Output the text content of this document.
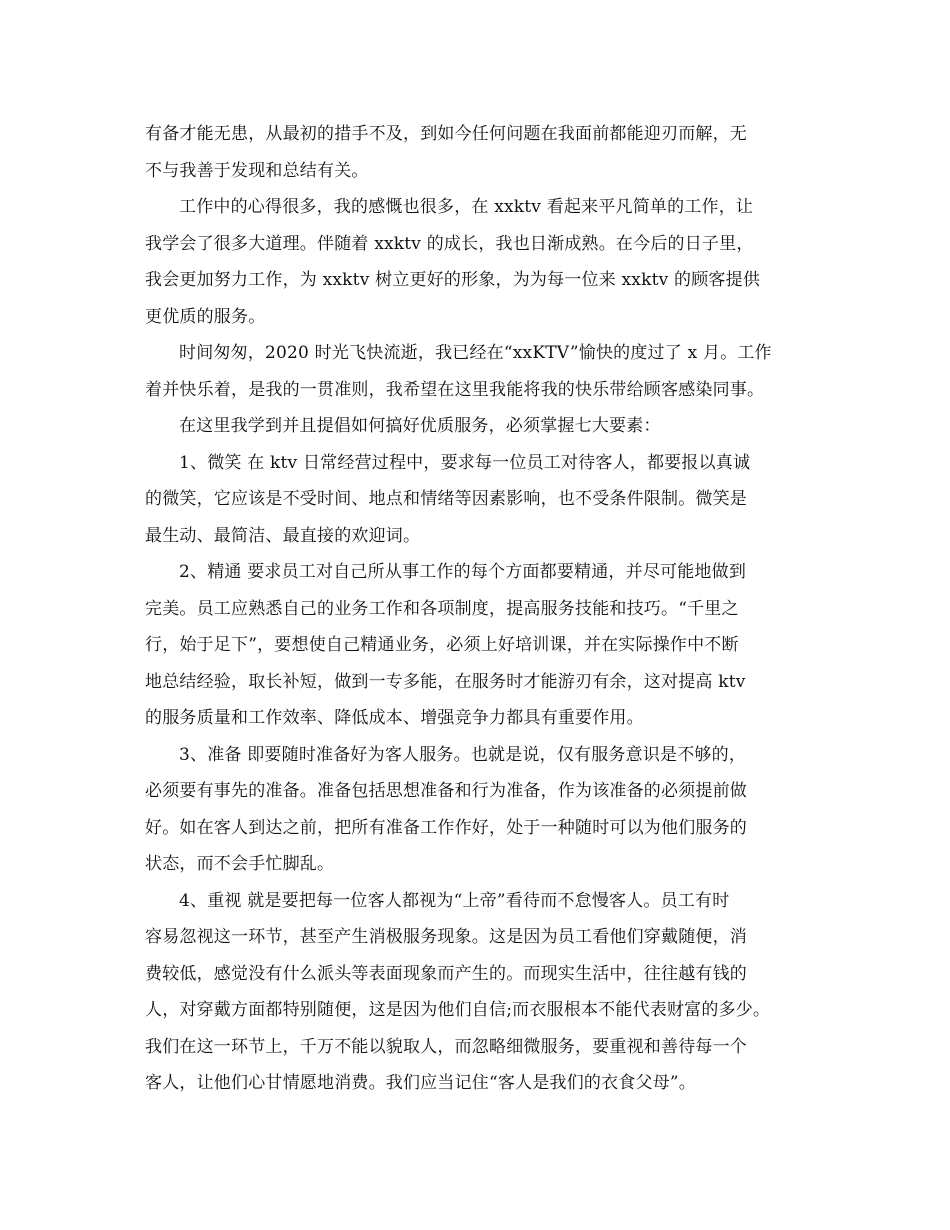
有备才能无患，从最初的措手不及，到如今任何问题在我面前都能迎刃而解，无
不与我善于发现和总结有关。
工作中的心得很多，我的感慨也很多，在 xxktv 看起来平凡简单的工作，让
我学会了很多大道理。伴随着 xxktv 的成长，我也日渐成熟。在今后的日子里，
我会更加努力工作，为 xxktv 树立更好的形象，为为每一位来 xxktv 的顾客提供
更优质的服务。
时间匆匆，2020 时光飞快流逝，我已经在“xxKTV”愉快的度过了 x 月。工作
着并快乐着，是我的一贯准则，我希望在这里我能将我的快乐带给顾客感染同事。
在这里我学到并且提倡如何搞好优质服务，必须掌握七大要素：
1、微笑 在 ktv 日常经营过程中，要求每一位员工对待客人，都要报以真诚
的微笑，它应该是不受时间、地点和情绪等因素影响，也不受条件限制。微笑是
最生动、最简洁、最直接的欢迎词。
2、精通 要求员工对自己所从事工作的每个方面都要精通，并尽可能地做到
完美。员工应熟悉自己的业务工作和各项制度，提高服务技能和技巧。“千里之
行，始于足下”，要想使自己精通业务，必须上好培训课，并在实际操作中不断
地总结经验，取长补短，做到一专多能，在服务时才能游刃有余，这对提高 ktv
的服务质量和工作效率、降低成本、增强竞争力都具有重要作用。
3、准备 即要随时准备好为客人服务。也就是说，仅有服务意识是不够的，
必须要有事先的准备。准备包括思想准备和行为准备，作为该准备的必须提前做
好。如在客人到达之前，把所有准备工作作好，处于一种随时可以为他们服务的
状态，而不会手忙脚乱。
4、重视 就是要把每一位客人都视为“上帝”看待而不怠慢客人。员工有时
容易忽视这一环节，甚至产生消极服务现象。这是因为员工看他们穿戴随便，消
费较低，感觉没有什么派头等表面现象而产生的。而现实生活中，往往越有钱的
人，对穿戴方面都特别随便，这是因为他们自信;而衣服根本不能代表财富的多少。
我们在这一环节上，千万不能以貌取人，而忽略细微服务，要重视和善待每一个
客人，让他们心甘情愿地消费。我们应当记住“客人是我们的衣食父母”。
